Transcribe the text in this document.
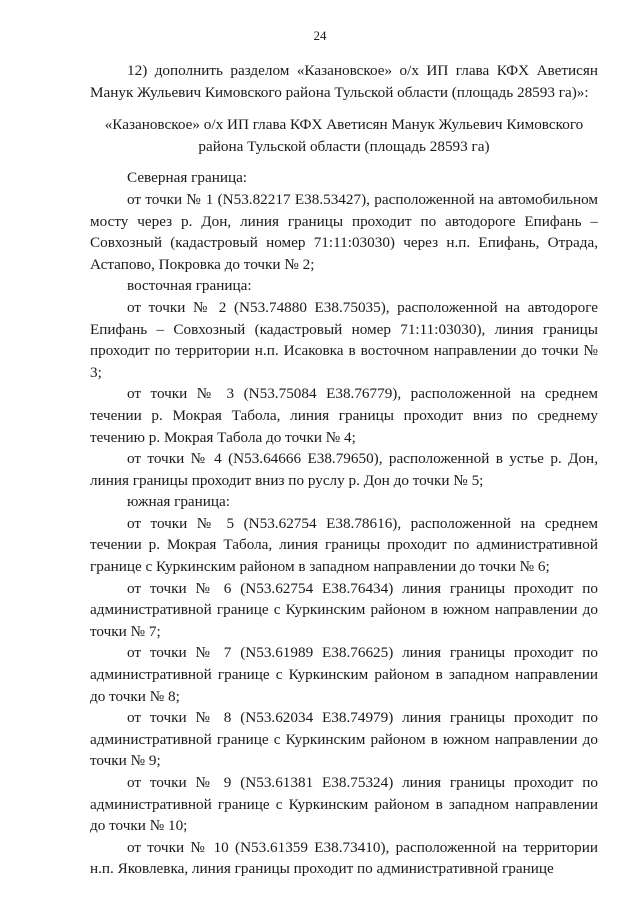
24

12) дополнить разделом «Казановское» о/х ИП глава КФХ Аветисян Манук Жульевич Кимовского района Тульской области (площадь 28593 га)»:

«Казановское» о/х ИП глава КФХ Аветисян Манук Жульевич Кимовского района Тульской области (площадь 28593 га)

Северная граница:

от точки № 1 (N53.82217 E38.53427), расположенной на автомобильном мосту через р. Дон, линия границы проходит по автодороге Епифань – Совхозный (кадастровый номер 71:11:03030) через н.п. Епифань, Отрада, Астапово, Покровка до точки № 2;

восточная граница:

от точки № 2 (N53.74880 E38.75035), расположенной на автодороге Епифань – Совхозный (кадастровый номер 71:11:03030), линия границы проходит по территории н.п. Исаковка в восточном направлении до точки № 3;

от точки № 3 (N53.75084 E38.76779), расположенной на среднем течении р. Мокрая Табола, линия границы проходит вниз по среднему течению р. Мокрая Табола до точки № 4;

от точки № 4 (N53.64666 E38.79650), расположенной в устье р. Дон, линия границы проходит вниз по руслу р. Дон до точки № 5;

южная граница:

от точки № 5 (N53.62754 E38.78616), расположенной на среднем течении р. Мокрая Табола, линия границы проходит по административной границе с Куркинским районом в западном направлении до точки № 6;

от точки № 6 (N53.62754 E38.76434) линия границы проходит по административной границе с Куркинским районом в южном направлении до точки № 7;

от точки № 7 (N53.61989 E38.76625) линия границы проходит по административной границе с Куркинским районом в западном направлении до точки № 8;

от точки № 8 (N53.62034 E38.74979) линия границы проходит по административной границе с Куркинским районом в южном направлении до точки № 9;

от точки № 9 (N53.61381 E38.75324) линия границы проходит по административной границе с Куркинским районом в западном направлении до точки № 10;

от точки № 10 (N53.61359 E38.73410), расположенной на территории н.п. Яковлевка, линия границы проходит по административной границе
